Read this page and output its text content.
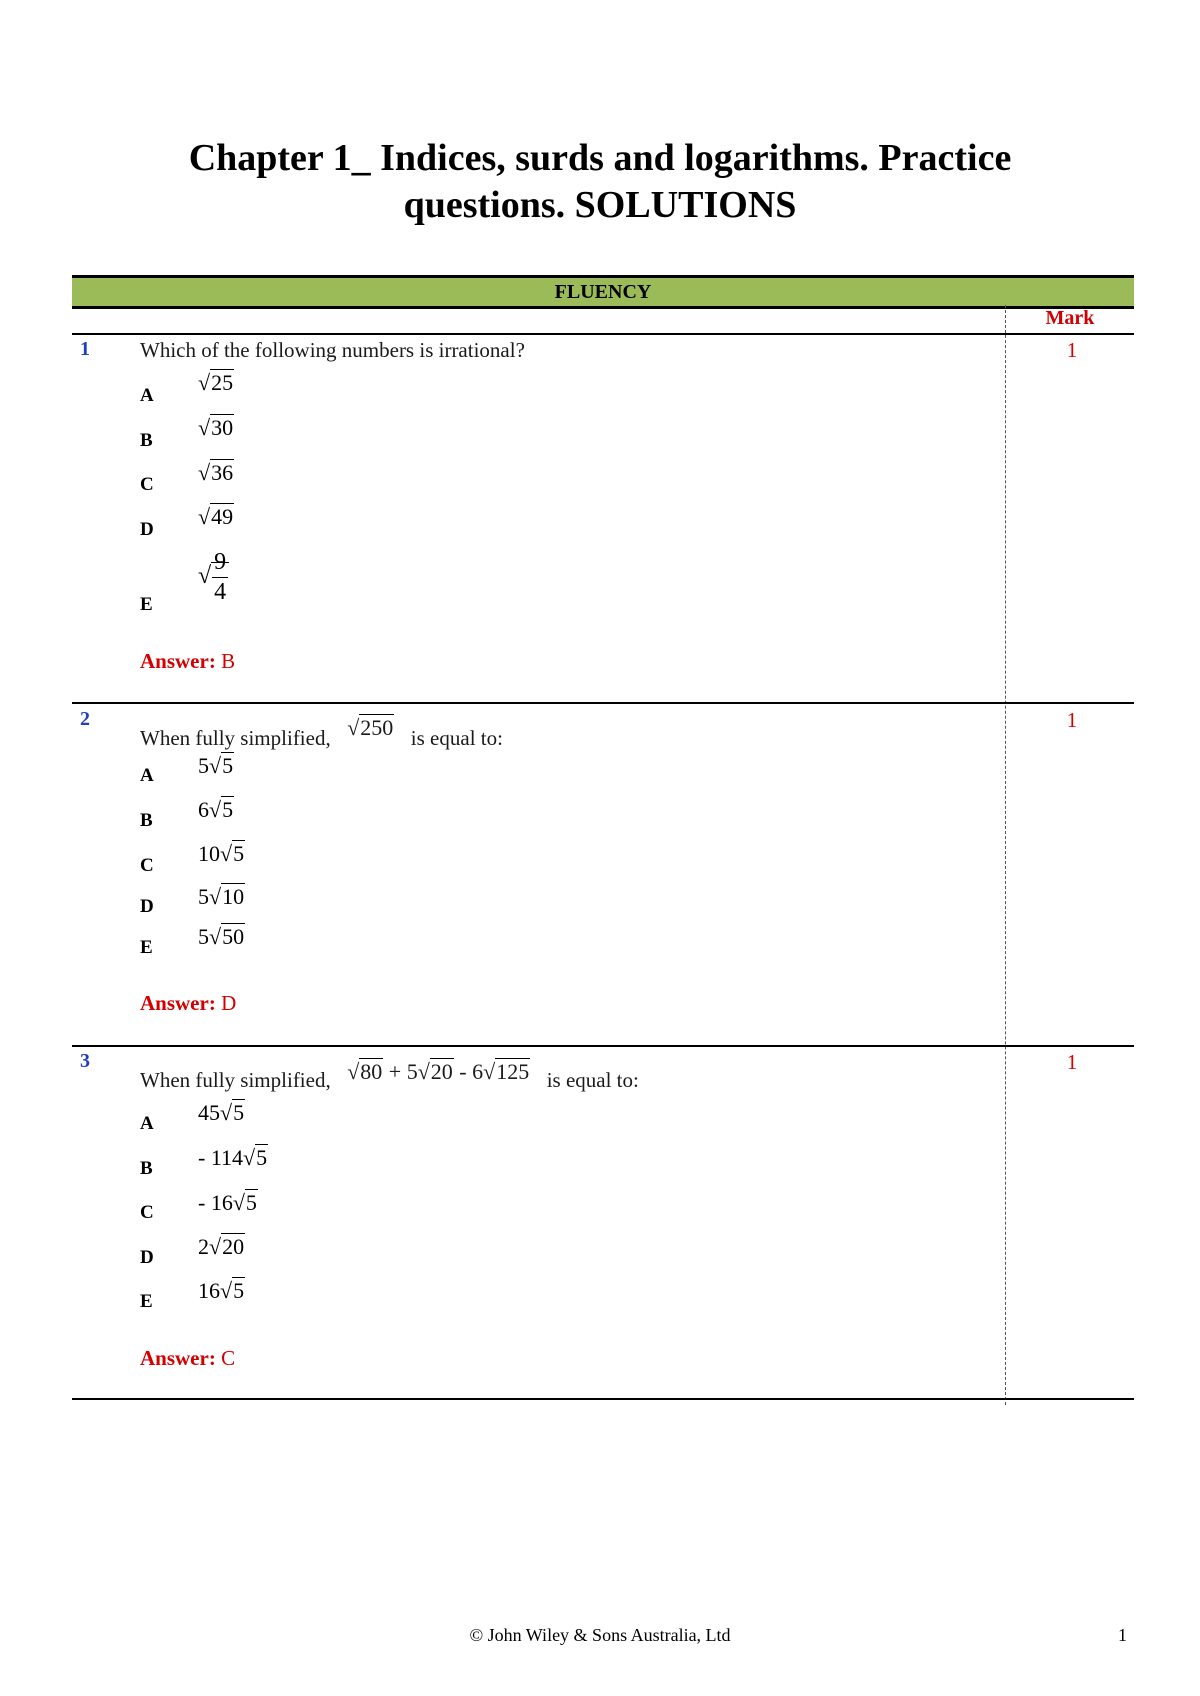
Chapter 1_ Indices, surds and logarithms. Practice
questions. SOLUTIONS
FLUENCY
Mark
1 Which of the following numbers is irrational?	1
A
√25
B
√30
C √36
D
√49
E
√ $\frac{9}{4}$
Answer: B
2
When fully simplified, √250 is equal to:
1
A 5√5
B 6√5
C 10√5
D 5√10
E 5√50
Answer: D
3
When fully simplified, √80 + 5√20 - 6√125 is equal to:
1
A 45√5
B - 114√5
C - 16√5
D 2√20
E 16√5
Answer: C
© John Wiley & Sons Australia, Ltd	1
